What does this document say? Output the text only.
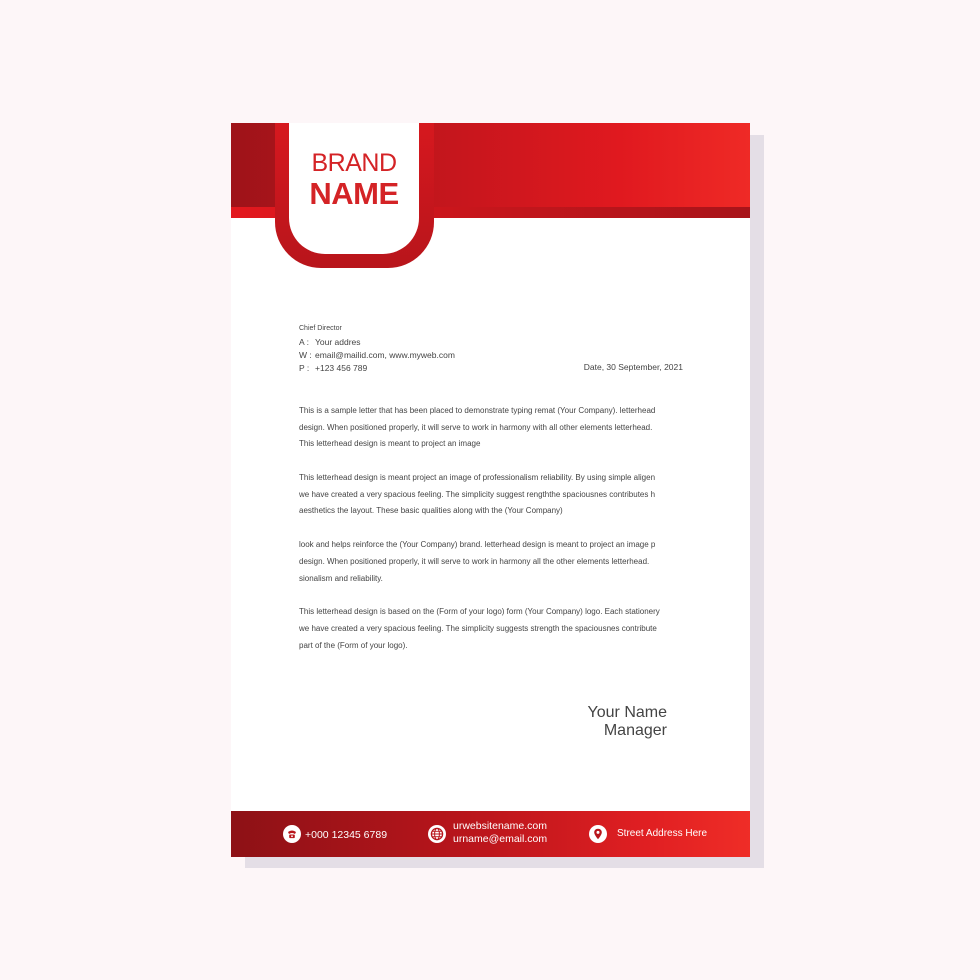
BRAND
NAME
Chief Director
A : Your addres
W : email@mailid.com, www.myweb.com
P : +123 456 789	Date, 30 September, 2021
This is a sample letter that has been placed to demonstrate typing remat (Your Company). letterhead
design. When positioned properly, it will serve to work in harmony with all other elements letterhead.
This letterhead design is meant to project an image
This letterhead design is meant project an image of professionalism reliability. By using simple aligen
we have created a very spacious feeling. The simplicity suggest rengththe spaciousnes contributes h
aesthetics the layout. These basic qualities along with the (Your Company)
look and helps reinforce the (Your Company) brand. letterhead design is meant to project an image p
design. When positioned properly, it will serve to work in harmony all the other elements letterhead.
sionalism and reliability.
This letterhead design is based on the (Form of your logo) form (Your Company) logo. Each stationery
we have created a very spacious feeling. The simplicity suggests strength the spaciousnes contribute
part of the (Form of your logo).
Your Name
Manager
+000 12345 6789
urwebsitename.com
urname@email.com	Street Address Here
